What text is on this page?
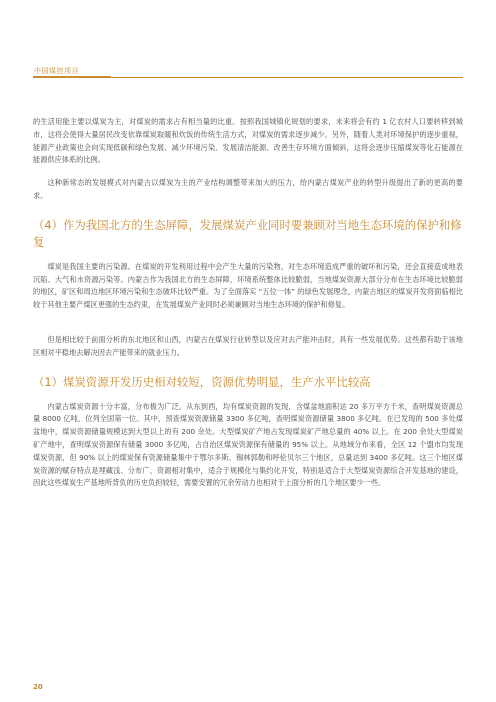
中国煤控项目

的生活用能主要以煤炭为主，对煤炭的需求占有相当量的比重。按照我国城镇化规划的要求，未来将会有约 1 亿农村人口要转移到城市，这将会使得大量居民改变依靠煤炭取暖和炊饭的传统生活方式，对煤炭的需求逐步减少。另外，随着人类对环境保护的逐步重视，能源产业政策也会向实现低碳和绿色发展、减少环境污染、发展清洁能源、改善生存环境方面倾斜，这将会逐步压缩煤炭等化石能源在能源供应体系的比例。

这种新常态的发展模式对内蒙古以煤炭为主的产业结构调整带来加大的压力，给内蒙古煤炭产业的转型升级提出了新的更高的要求。

（4）作为我国北方的生态屏障，发展煤炭产业同时要兼顾对当地生态环境的保护和修复

煤炭是我国主要的污染源。在煤炭的开发利用过程中会产生大量的污染物，对生态环境造成严重的破坏和污染，还会直接造成地表沉陷、大气和水资源污染等。内蒙古作为我国北方的生态屏障，环境系统整体比较脆弱，当地煤炭资源大部分分布在生态环境比较脆弱的地区，矿区和周边地区环境污染和生态破坏比较严重。为了全面落实 “五位一体” 的绿色发展理念，内蒙古地区的煤炭开发将面临相比较于其他主要产煤区更强的生态约束，在发展煤炭产业同时必须兼顾对当地生态环境的保护和修复。

但是相比较于前面分析的东北地区和山西，内蒙古在煤炭行业转型以及应对去产能冲击时，具有一些发展优势。这些都有助于该地区相对平稳地去解决因去产能带来的就业压力。

（1）煤炭资源开发历史相对较短，资源优势明显，生产水平比较高

内蒙古煤炭资源十分丰富，分布极为广泛。从东到西，均有煤炭资源的发现，含煤盆地面积达 20 多万平方千米，查明煤炭资源总量 8000 亿吨，位列全国第一位。其中，预查煤炭资源储量 3300 多亿吨，查明煤炭资源储量 3800 多亿吨。在已发现的 500 多处煤盆地中，煤炭资源储量规模达到大型以上的有 200 余处。大型煤炭矿产地占发现煤炭矿产地总量的 40% 以上。在 200 余处大型煤炭矿产地中，查明煤炭资源保有储量 3000 多亿吨，占自治区煤炭资源保有储量的 95% 以上。从地域分布来看，全区 12 个盟市均发现煤炭资源，但 90% 以上的煤炭保有资源储量集中于鄂尔多斯、锡林郭勒和呼伦贝尔三个地区，总量达到 3400 多亿吨。这三个地区煤炭资源的赋存特点是埋藏浅、分布广、资源相对集中，适合于规模化与集约化开发，特别是适合于大型煤炭资源综合开发基地的建设，因此这些煤炭生产基地所背负的历史负担较轻，需要安置的冗余劳动力也相对于上面分析的几个地区要少一些。

20
